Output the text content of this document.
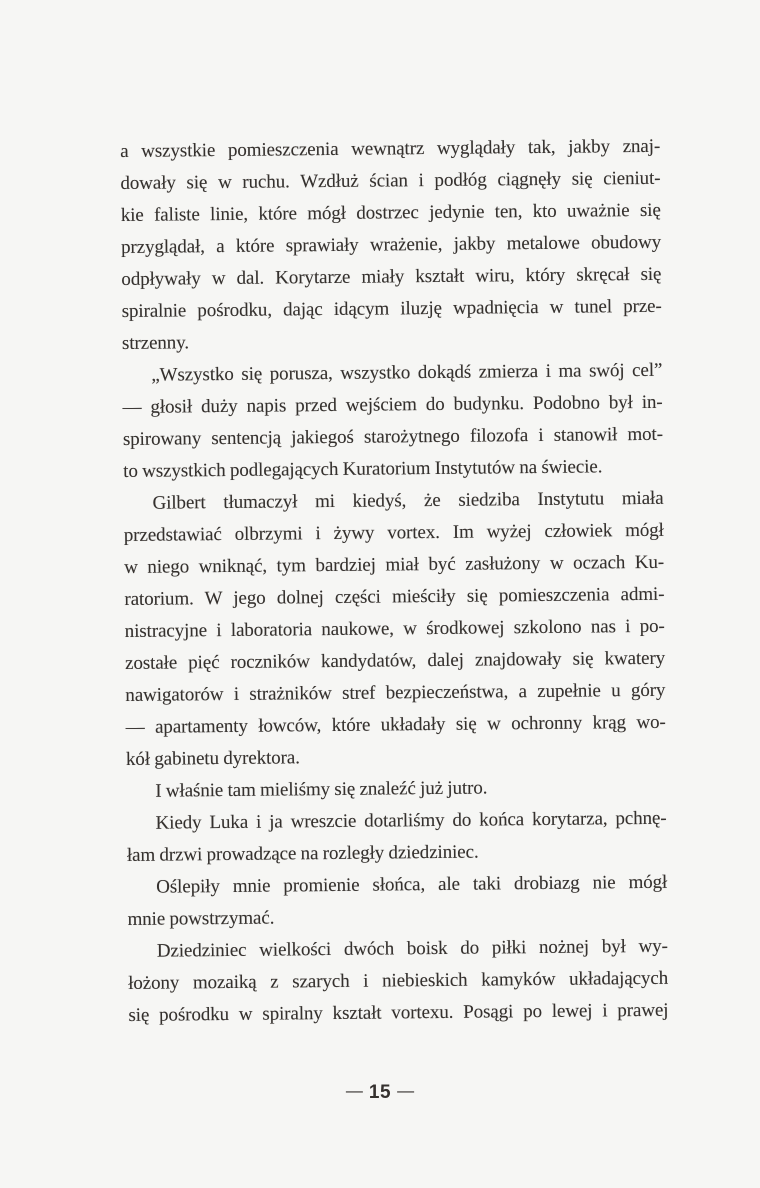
a wszystkie pomieszczenia wewnątrz wyglądały tak, jakby znaj-
dowały się w ruchu. Wzdłuż ścian i podłóg ciągnęły się cieniut-
kie faliste linie, które mógł dostrzec jedynie ten, kto uważnie się
przyglądał, a które sprawiały wrażenie, jakby metalowe obudowy
odpływały w dal. Korytarze miały kształt wiru, który skręcał się
spiralnie pośrodku, dając idącym iluzję wpadnięcia w tunel prze-
strzenny.
„Wszystko się porusza, wszystko dokądś zmierza i ma swój cel”
— głosił duży napis przed wejściem do budynku. Podobno był in-
spirowany sentencją jakiegoś starożytnego filozofa i stanowił mot-
to wszystkich podlegających Kuratorium Instytutów na świecie.
Gilbert tłumaczył mi kiedyś, że siedziba Instytutu miała
przedstawiać olbrzymi i żywy vortex. Im wyżej człowiek mógł
w niego wniknąć, tym bardziej miał być zasłużony w oczach Ku-
ratorium. W jego dolnej części mieściły się pomieszczenia admi-
nistracyjne i laboratoria naukowe, w środkowej szkolono nas i po-
zostałe pięć roczników kandydatów, dalej znajdowały się kwatery
nawigatorów i strażników stref bezpieczeństwa, a zupełnie u góry
— apartamenty łowców, które układały się w ochronny krąg wo-
kół gabinetu dyrektora.
I właśnie tam mieliśmy się znaleźć już jutro.
Kiedy Luka i ja wreszcie dotarliśmy do końca korytarza, pchnę-
łam drzwi prowadzące na rozległy dziedziniec.
Oślepiły mnie promienie słońca, ale taki drobiazg nie mógł
mnie powstrzymać.
Dziedziniec wielkości dwóch boisk do piłki nożnej był wy-
łożony mozaiką z szarych i niebieskich kamyków układających
się pośrodku w spiralny kształt vortexu. Posągi po lewej i prawej
— 15 —
